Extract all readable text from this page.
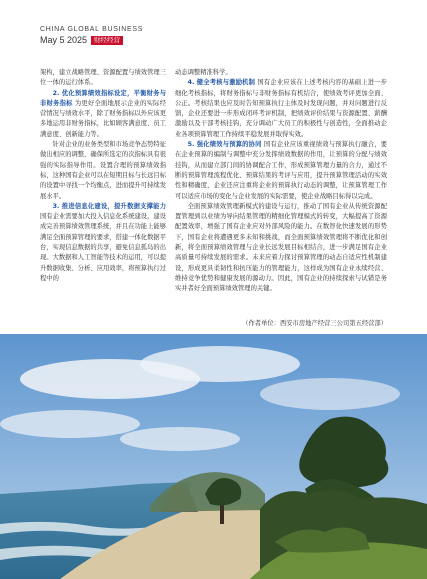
CHINA GLOBAL BUSINESS
May 5 2025	财经经营

架构，建立战略管理、资源配置与绩效管理三位一体的运行体系。

2. 优化预算绩效指标设定，平衡财务与非财务指标 为更好全面地展示企业的实际经营情况与绩效水平，除了财务指标以外应该更多地运用非财务指标，比如顾客满意度、员工满意度、创新能力等。

针对企业的业务类型和市场竞争态势特征做出相应的调整，确保所选定的次指标具有很强的实际指导作用。设置合理的预算绩效指标，这种国有企业可以在短期目标与长远目标的设置中寻找一个均衡点，进而提升可持续发展水平。

3. 推进信息化建设，提升数据支撑能力 国有企业需要加大投入信息化系统建设，建设成完善预算绩效管理系统，并且在功能上能够满足全面预算管理的要求，搭建一体化数据平台，实现信息数据的共享，避免信息孤岛的出现。大数据和人工智能等技术的运用，可以提升数据收集、分析、应用效率，将预算执行过程中的

动态调整精准科学。

4. 健全考核与激励机制 国有企业应该在上述考核内容的基础上进一步细化考核指标，将财务指标与非财务指标有机结合，使绩效考评更加全面、公正。考核结果也应及时告知预算执行主体及时发现问题，并对问题进行反馈，企业还要进一步形成闭环考评机制，把绩效评价结果与资源配置、薪酬激励以及干部考核挂钩，充分调动广大员工的积极性与创造性，全面推动企业各项预算管理工作持续平稳发展并取得实效。

5. 强化绩效与预算的协同 国有企业应该重视绩效与预算执行融合，要在企业预算的编制与调整中充分发挥绩效数据的作用，让预算的分配与绩效挂钩，从而建立部门间的协调配合工作，形成预算管理力量的合力，通过不断的预算管理流程优化、预算结果的考评与应用，提升预算管理活动的实效性和精确度，企业还应注重将企业的预算执行动态的调整，让预算管理工作可以适应市场的变化与企业发展的实际需要，使企业战略目标得以完成。

全面预算绩效管理新模式的建设与运行，推动了国有企业从传统资源配置管理到以业绩为导向结果管理的精细化管理模式的转变，大幅提高了资源配置效率，增强了国有企业应对外部风险的能力。在数智化快速发展的形势下，国有企业将遭遇更多未知和挑战，而全面预算绩效管理将不断优化和创新，将全面预算绩效管理与企业长远发展目标相结合，进一步满足国有企业高质量可持续发展的需求。未来应着力探讨预算管理的动态自适应性机制建设，形成更具柔韧性和抗压能力的管理能力，这样成为国有企业永续经营、维持竞争优势和健康发展的源动力。因此，国有企业的持续探索与试错是务实并者好全面预算绩效管理的关键。

（作者单位：西安市房地产经营三公司第五经营部）
